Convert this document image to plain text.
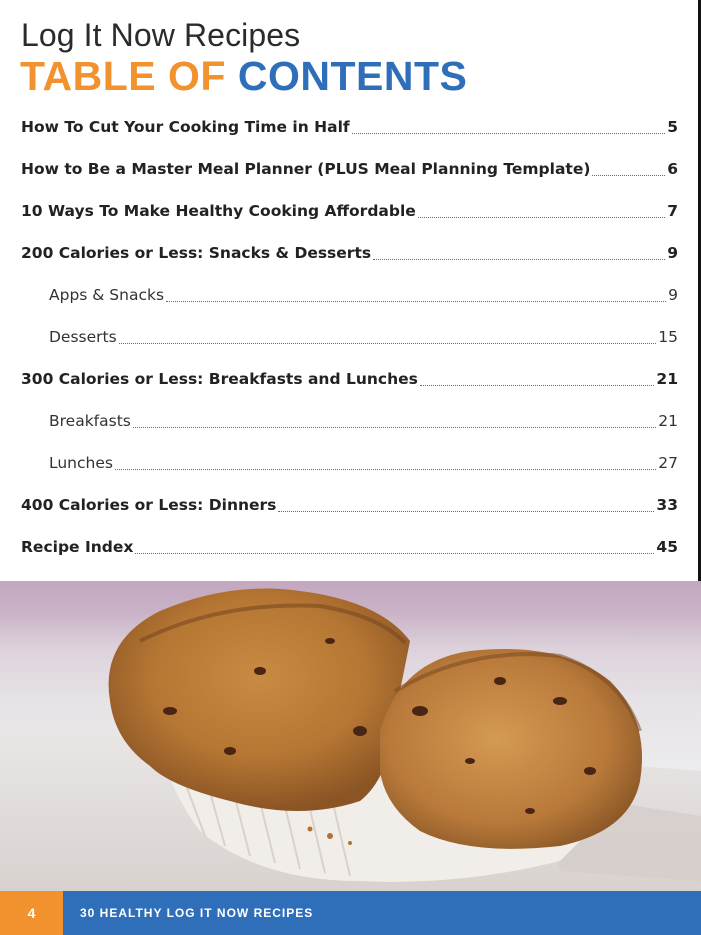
Log It Now Recipes
TABLE OF CONTENTS
How To Cut Your Cooking Time in Half	5
How to Be a Master Meal Planner (PLUS Meal Planning Template)	6
10 Ways To Make Healthy Cooking Affordable	7
200 Calories or Less: Snacks & Desserts	9
Apps & Snacks	9
Desserts	15
300 Calories or Less: Breakfasts and Lunches	21
Breakfasts	21
Lunches	27
400 Calories or Less: Dinners	33
Recipe Index	45
4	30 HEALTHY LOG IT NOW RECIPES
